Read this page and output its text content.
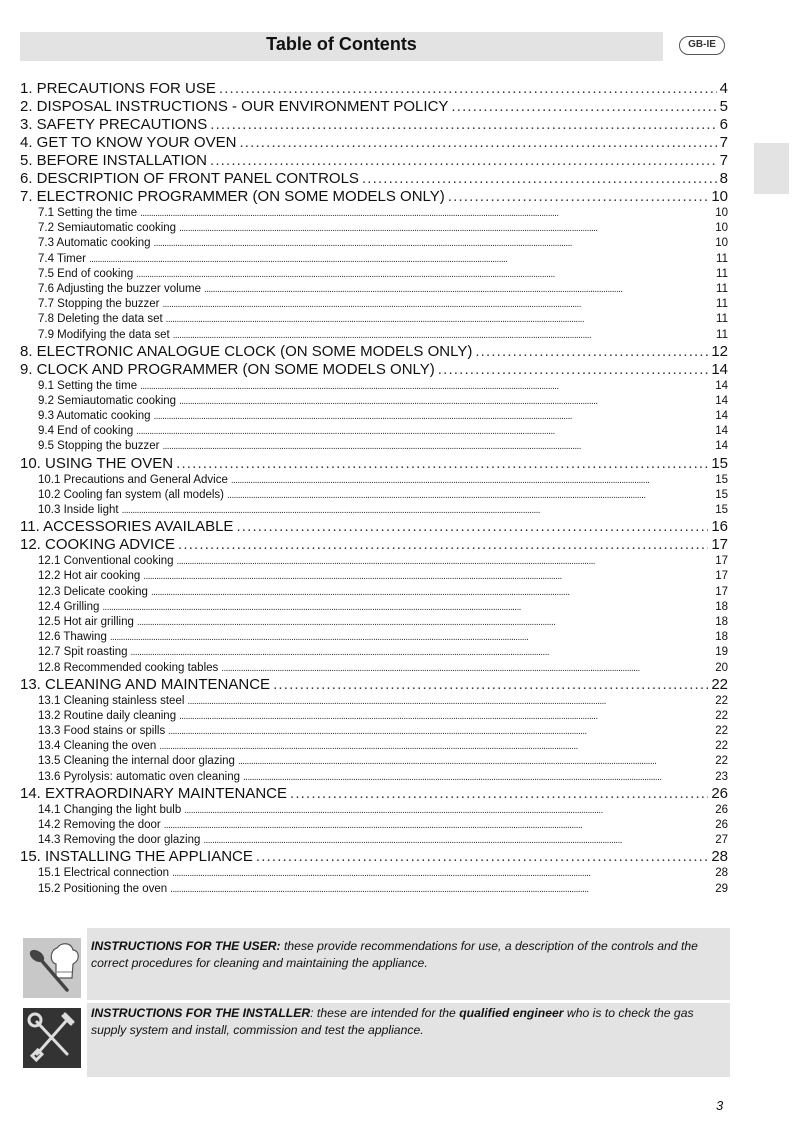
Table of Contents	GB-IE
1. PRECAUTIONS FOR USE . . .	4
2. DISPOSAL INSTRUCTIONS - OUR ENVIRONMENT POLICY . . .	5
3. SAFETY PRECAUTIONS . . .	6
4. GET TO KNOW YOUR OVEN . . .	7
5. BEFORE INSTALLATION . . .	7
6. DESCRIPTION OF FRONT PANEL CONTROLS . . .	8
7. ELECTRONIC PROGRAMMER (ON SOME MODELS ONLY) . . .	10
7.1 Setting the time . . .	10
7.2 Semiautomatic cooking . . .	10
7.3 Automatic cooking . . .	10
7.4 Timer . . .	11
7.5 End of cooking . . .	11
7.6 Adjusting the buzzer volume . . .	11
7.7 Stopping the buzzer . . .	11
7.8 Deleting the data set . . .	11
7.9 Modifying the data set . . .	11
8. ELECTRONIC ANALOGUE CLOCK (ON SOME MODELS ONLY) . . .	12
9. CLOCK AND PROGRAMMER (ON SOME MODELS ONLY) . . .	14
9.1 Setting the time . . .	14
9.2 Semiautomatic cooking . . .	14
9.3 Automatic cooking . . .	14
9.4 End of cooking . . .	14
9.5 Stopping the buzzer . . .	14
10. USING THE OVEN . . .	15
10.1 Precautions and General Advice . . .	15
10.2 Cooling fan system (all models) . . .	15
10.3 Inside light . . .	15
11. ACCESSORIES AVAILABLE . . .	16
12. COOKING ADVICE . . .	17
12.1 Conventional cooking . . .	17
12.2 Hot air cooking . . .	17
12.3 Delicate cooking . . .	17
12.4 Grilling . . .	18
12.5 Hot air grilling . . .	18
12.6 Thawing . . .	18
12.7 Spit roasting . . .	19
12.8 Recommended cooking tables . . .	20
13. CLEANING AND MAINTENANCE . . .	22
13.1 Cleaning stainless steel . . .	22
13.2 Routine daily cleaning . . .	22
13.3 Food stains or spills . . .	22
13.4 Cleaning the oven . . .	22
13.5 Cleaning the internal door glazing . . .	22
13.6 Pyrolysis: automatic oven cleaning . . .	23
14. EXTRAORDINARY MAINTENANCE . . .	26
14.1 Changing the light bulb . . .	26
14.2 Removing the door . . .	26
14.3 Removing the door glazing . . .	27
15. INSTALLING THE APPLIANCE . . .	28
15.1 Electrical connection . . .	28
15.2 Positioning the oven . . .	29
INSTRUCTIONS FOR THE USER: these provide recommendations for use, a description of the controls and the correct procedures for cleaning and maintaining the appliance.
INSTRUCTIONS FOR THE INSTALLER: these are intended for the qualified engineer who is to check the gas supply system and install, commission and test the appliance.
3
